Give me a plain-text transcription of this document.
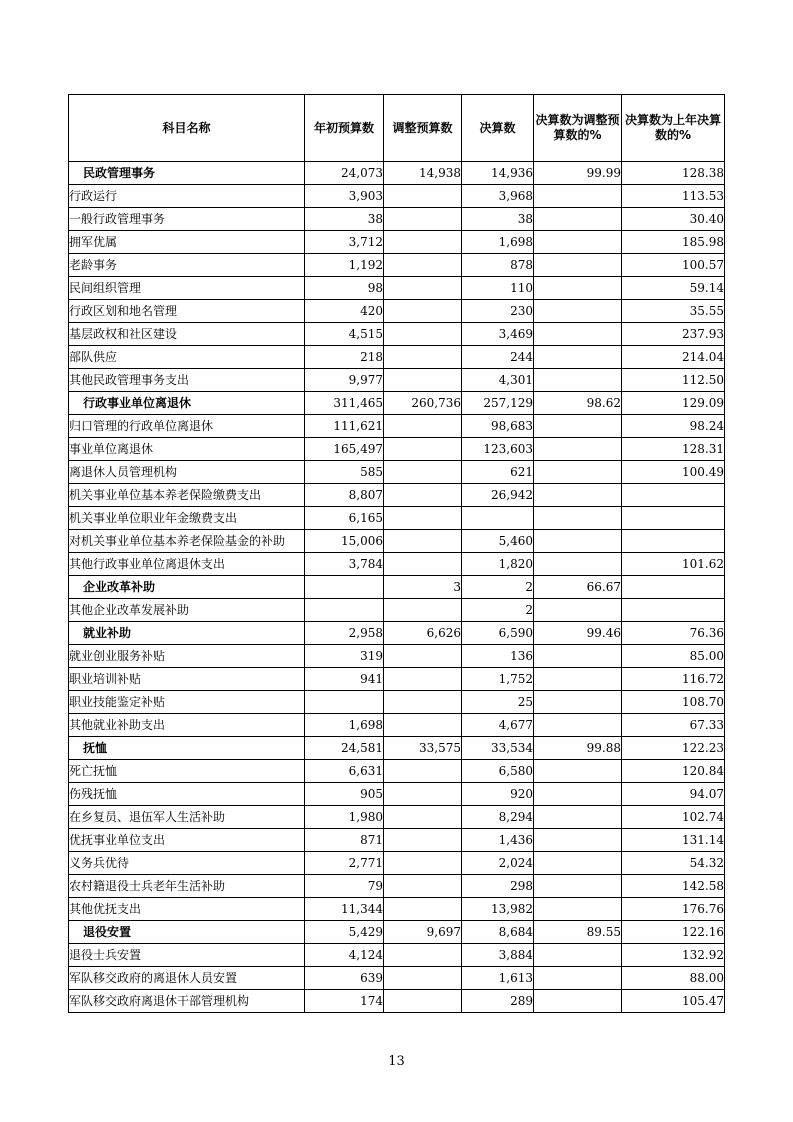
科目名称	年初预算数	调整预算数	决算数	决算数为调整预算数的%	决算数为上年决算数的%
民政管理事务	24,073	14,938	14,936	99.99	128.38
行政运行	3,903		3,968		113.53
一般行政管理事务	38		38		30.40
拥军优属	3,712		1,698		185.98
老龄事务	1,192		878		100.57
民间组织管理	98		110		59.14
行政区划和地名管理	420		230		35.55
基层政权和社区建设	4,515		3,469		237.93
部队供应	218		244		214.04
其他民政管理事务支出	9,977		4,301		112.50
行政事业单位离退休	311,465	260,736	257,129	98.62	129.09
归口管理的行政单位离退休	111,621		98,683		98.24
事业单位离退休	165,497		123,603		128.31
离退休人员管理机构	585		621		100.49
机关事业单位基本养老保险缴费支出	8,807		26,942		
机关事业单位职业年金缴费支出	6,165				
对机关事业单位基本养老保险基金的补助	15,006		5,460		
其他行政事业单位离退休支出	3,784		1,820		101.62
企业改革补助		3	2	66.67	
其他企业改革发展补助			2		
就业补助	2,958	6,626	6,590	99.46	76.36
就业创业服务补贴	319		136		85.00
职业培训补贴	941		1,752		116.72
职业技能鉴定补贴			25		108.70
其他就业补助支出	1,698		4,677		67.33
抚恤	24,581	33,575	33,534	99.88	122.23
死亡抚恤	6,631		6,580		120.84
伤残抚恤	905		920		94.07
在乡复员、退伍军人生活补助	1,980		8,294		102.74
优抚事业单位支出	871		1,436		131.14
义务兵优待	2,771		2,024		54.32
农村籍退役士兵老年生活补助	79		298		142.58
其他优抚支出	11,344		13,982		176.76
退役安置	5,429	9,697	8,684	89.55	122.16
退役士兵安置	4,124		3,884		132.92
军队移交政府的离退休人员安置	639		1,613		88.00
军队移交政府离退休干部管理机构	174		289		105.47
13
